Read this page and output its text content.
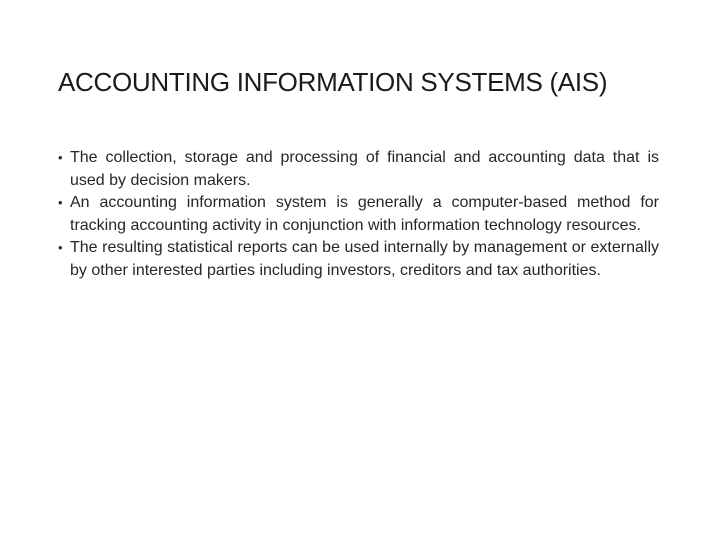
ACCOUNTING INFORMATION SYSTEMS (AIS)
• The collection, storage and processing of financial and accounting data that is used by decision makers.
• An accounting information system is generally a computer-based method for tracking accounting activity in conjunction with information technology resources.
• The resulting statistical reports can be used internally by management or externally by other interested parties including investors, creditors and tax authorities.
